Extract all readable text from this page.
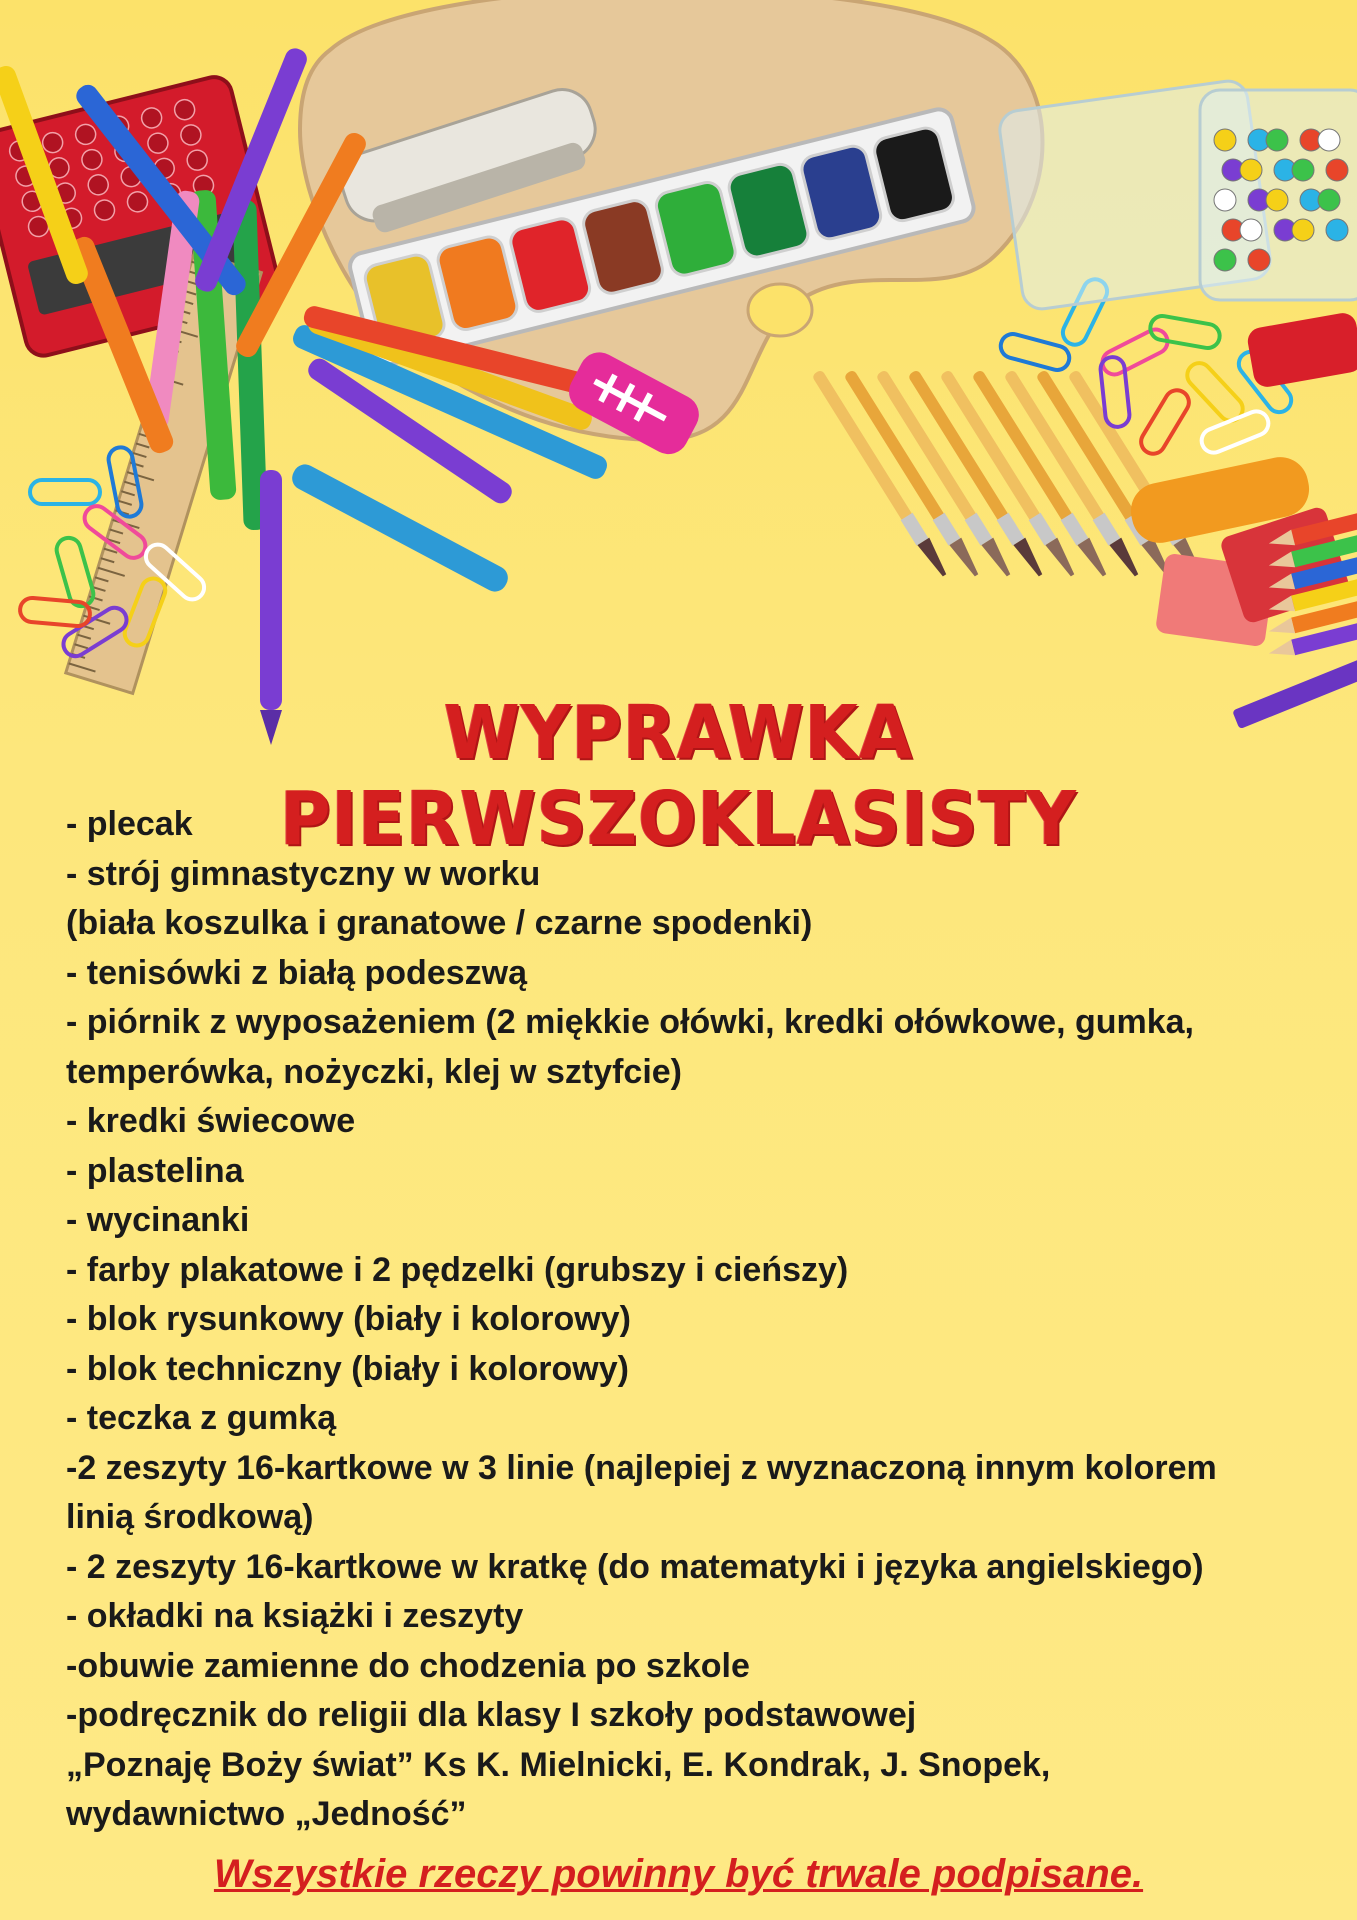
WYPRAWKA PIERWSZOKLASISTY
- plecak
- strój gimnastyczny w worku
(biała koszulka i granatowe / czarne spodenki)
- tenisówki z białą podeszwą
- piórnik z wyposażeniem (2 miękkie ołówki, kredki ołówkowe, gumka,
temperówka, nożyczki, klej w sztyfcie)
- kredki świecowe
- plastelina
- wycinanki
- farby plakatowe i 2 pędzelki (grubszy i cieńszy)
- blok rysunkowy (biały i kolorowy)
- blok techniczny (biały i kolorowy)
- teczka z gumką
-2 zeszyty 16-kartkowe w 3 linie (najlepiej z wyznaczoną innym kolorem
linią środkową)
- 2 zeszyty 16-kartkowe w kratkę (do matematyki i języka angielskiego)
- okładki na książki i zeszyty
-obuwie zamienne do chodzenia po szkole
-podręcznik do religii dla klasy I szkoły podstawowej
„Poznaję Boży świat” Ks K. Mielnicki, E. Kondrak, J. Snopek,
wydawnictwo „Jedność”

Wszystkie rzeczy powinny być trwale podpisane.
